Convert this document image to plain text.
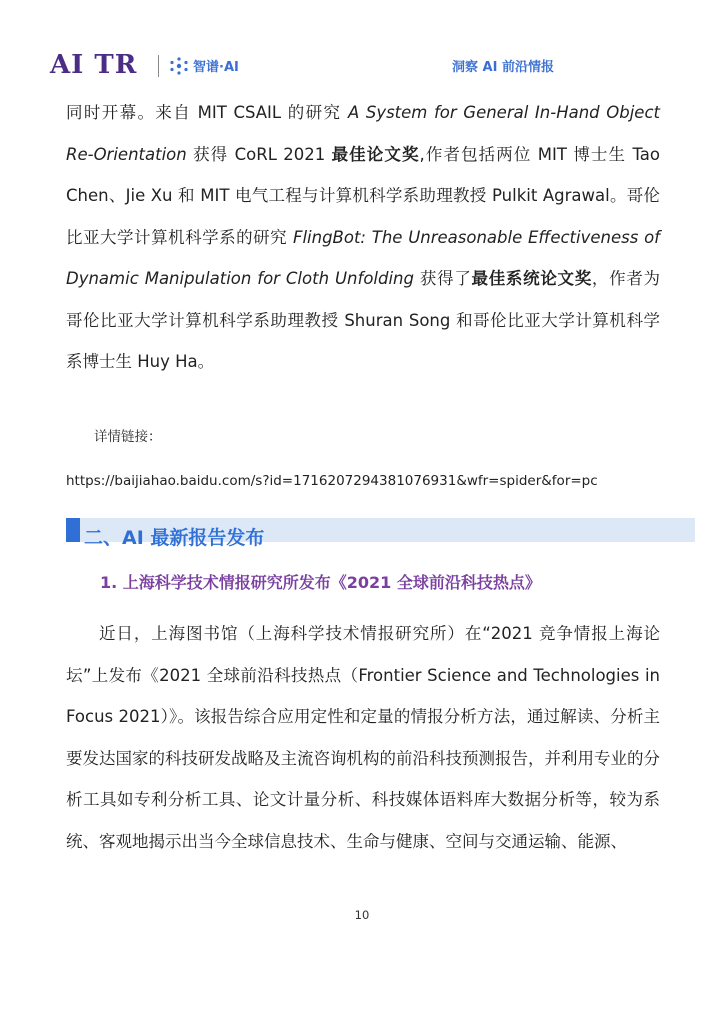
AI TR	智谱·AI	洞察 AI 前沿情报

同时开幕。来自 MIT CSAIL 的研究 A System for General In-Hand Object Re-Orientation 获得 CoRL 2021 最佳论文奖,作者包括两位 MIT 博士生 Tao Chen、Jie Xu 和 MIT 电气工程与计算机科学系助理教授 Pulkit Agrawal。哥伦比亚大学计算机科学系的研究 FlingBot: The Unreasonable Effectiveness of Dynamic Manipulation for Cloth Unfolding 获得了最佳系统论文奖，作者为哥伦比亚大学计算机科学系助理教授 Shuran Song 和哥伦比亚大学计算机科学系博士生 Huy Ha。

详情链接：
https://baijiahao.baidu.com/s?id=1716207294381076931&wfr=spider&for=pc
二、AI 最新报告发布
1. 上海科学技术情报研究所发布《2021 全球前沿科技热点》

近日，上海图书馆（上海科学技术情报研究所）在“2021 竞争情报上海论坛”上发布《2021 全球前沿科技热点（Frontier Science and Technologies in Focus 2021）》。该报告综合应用定性和定量的情报分析方法，通过解读、分析主要发达国家的科技研发战略及主流咨询机构的前沿科技预测报告，并利用专业的分析工具如专利分析工具、论文计量分析、科技媒体语料库大数据分析等，较为系统、客观地揭示出当今全球信息技术、生命与健康、空间与交通运输、能源、

10
